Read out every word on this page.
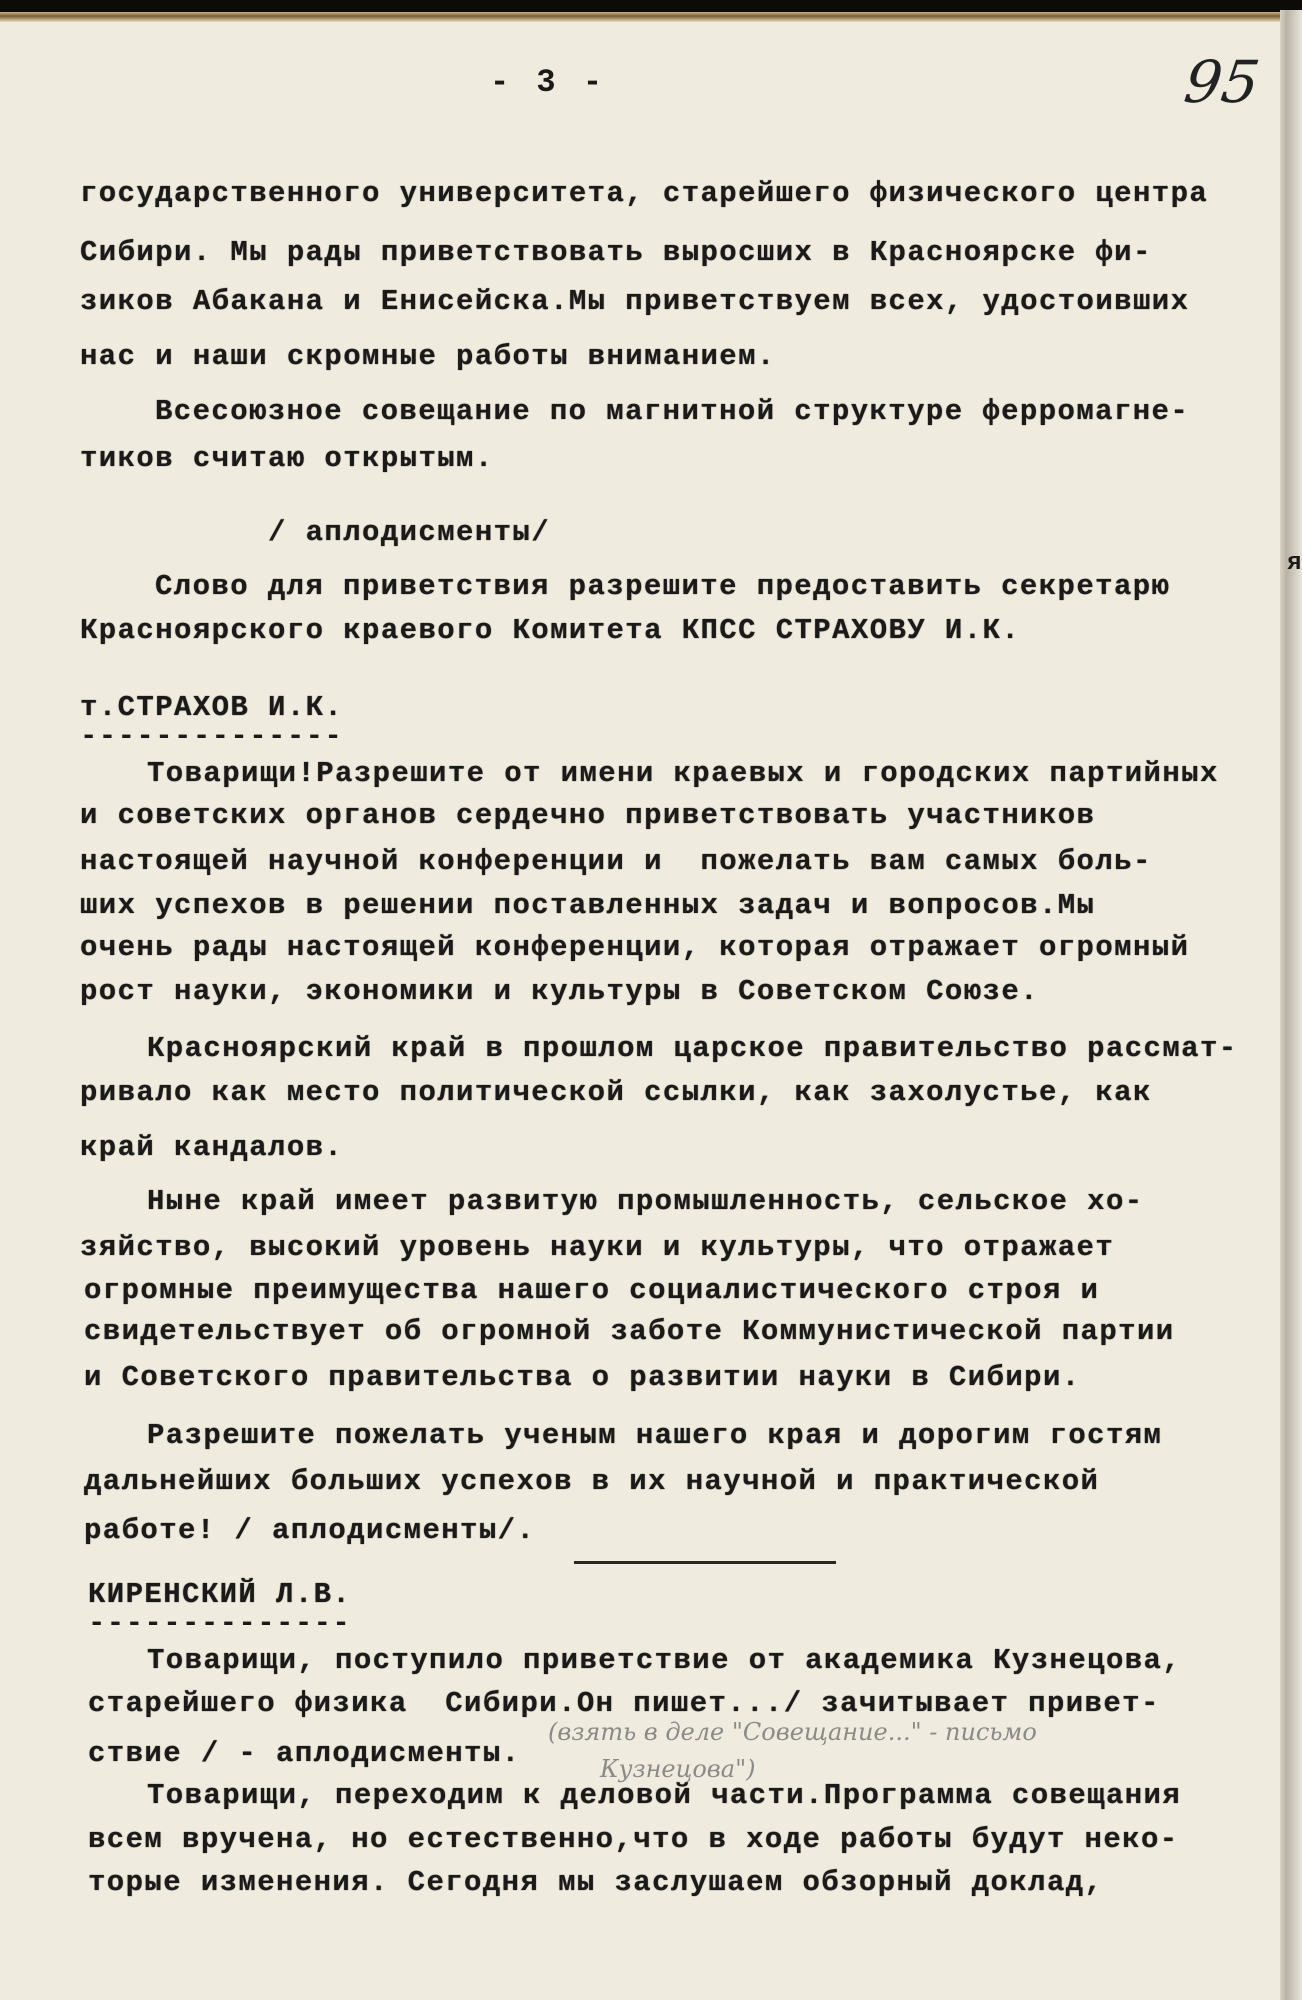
я
- 3 -	95
государственного университета, старейшего физического центра
Сибири. Мы рады приветствовать выросших в Красноярске фи-
зиков Абакана и Енисейска.Мы приветствуем всех, удостоивших
нас и наши скромные работы вниманием.
Всесоюзное совещание по магнитной структуре ферромагне-
тиков считаю открытым.
/ аплодисменты/
Слово для приветствия разрешите предоставить секретарю
Красноярского краевого Комитета КПСС СТРАХОВУ И.К.
т.СТРАХОВ И.К.
--------------
Товарищи!Разрешите от имени краевых и городских партийных
и советских органов сердечно приветствовать участников
настоящей научной конференции и  пожелать вам самых боль-
ших успехов в решении поставленных задач и вопросов.Мы
очень рады настоящей конференции, которая отражает огромный
рост науки, экономики и культуры в Советском Союзе.
Красноярский край в прошлом царское правительство рассмат-
ривало как место политической ссылки, как захолустье, как
край кандалов.
Ныне край имеет развитую промышленность, сельское хо-
зяйство, высокий уровень науки и культуры, что отражает
огромные преимущества нашего социалистического строя и
свидетельствует об огромной заботе Коммунистической партии
и Советского правительства о развитии науки в Сибири.
Разрешите пожелать ученым нашего края и дорогим гостям
дальнейших больших успехов в их научной и практической
работе! / аплодисменты/.
КИРЕНСКИЙ Л.В.
--------------
Товарищи, поступило приветствие от академика Кузнецова,
старейшего физика  Сибири.Он пишет.../ зачитывает привет-
ствие / - аплодисменты.
(взять в деле "Совещание..." - письмо
Кузнецова")
Товарищи, переходим к деловой части.Программа совещания
всем вручена, но естественно,что в ходе работы будут неко-
торые изменения. Сегодня мы заслушаем обзорный доклад,
